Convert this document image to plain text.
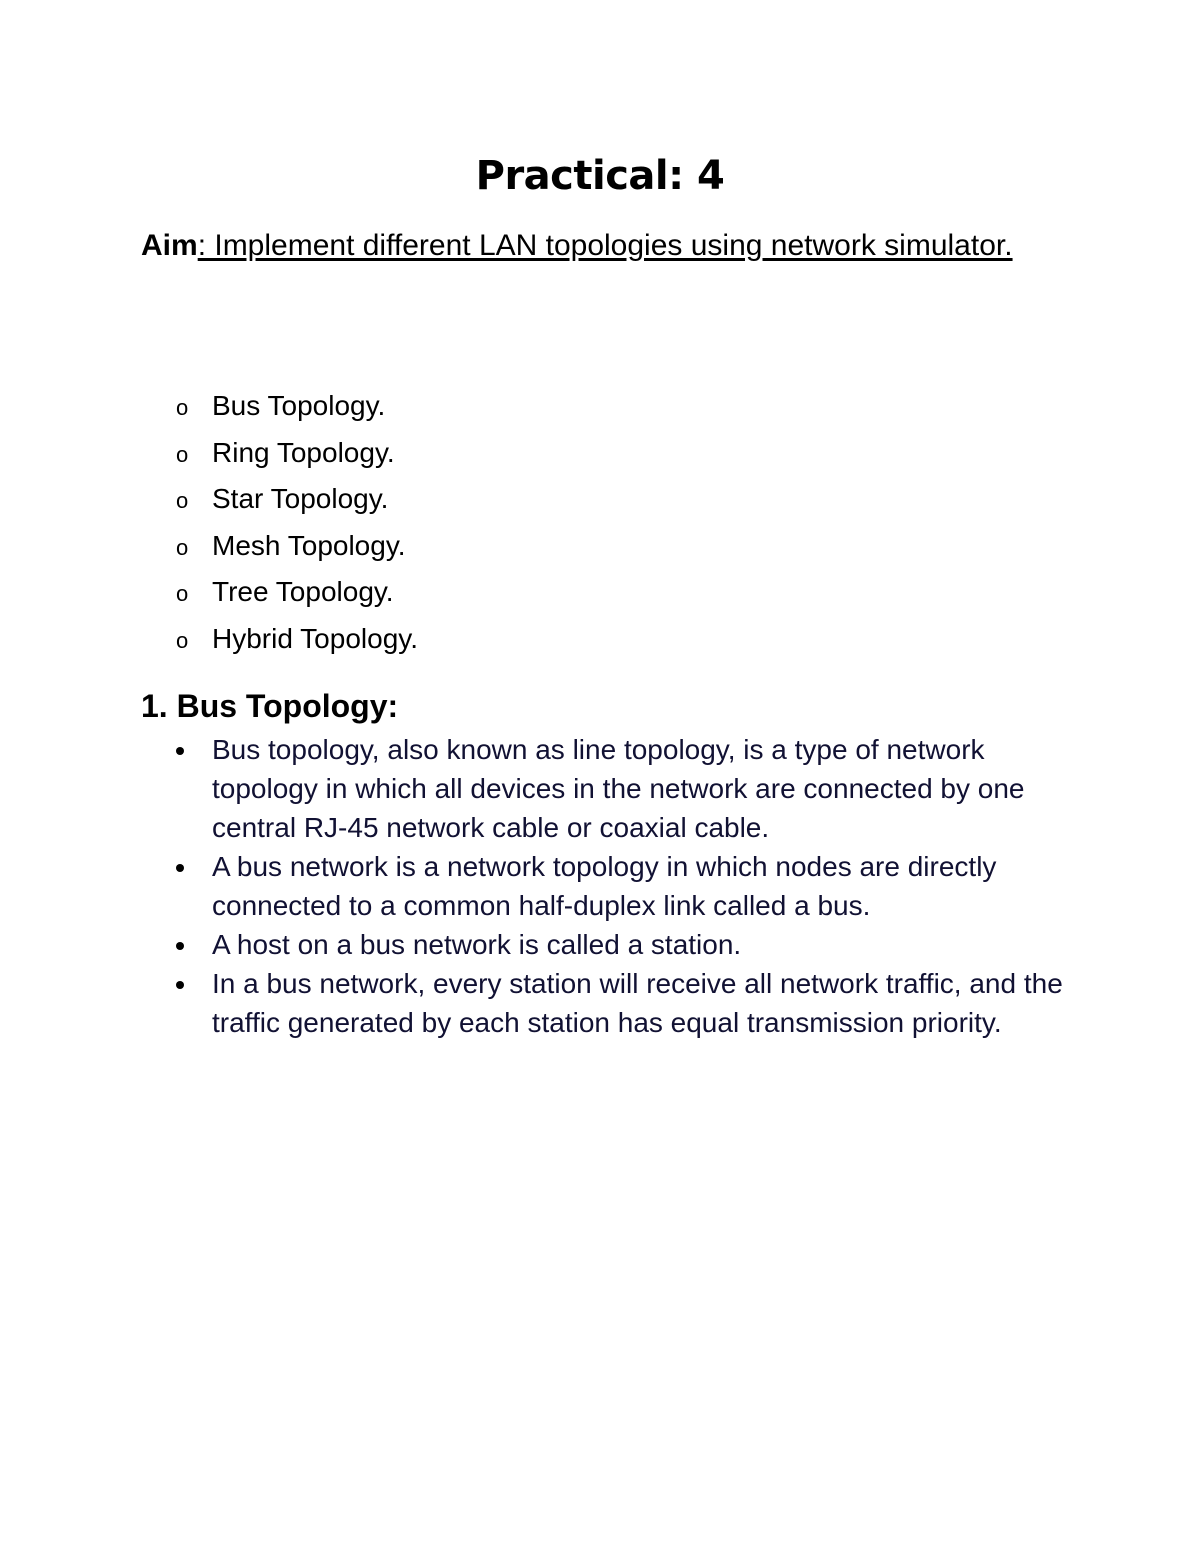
Practical: 4
Aim: Implement different LAN topologies using network simulator.
o Bus Topology.
o Ring Topology.
o Star Topology.
o Mesh Topology.
o Tree Topology.
o Hybrid Topology.
1. Bus Topology:
Bus topology, also known as line topology, is a type of network topology in which all devices in the network are connected by one central RJ-45 network cable or coaxial cable.
A bus network is a network topology in which nodes are directly connected to a common half-duplex link called a bus.
A host on a bus network is called a station.
In a bus network, every station will receive all network traffic, and the traffic generated by each station has equal transmission priority.
